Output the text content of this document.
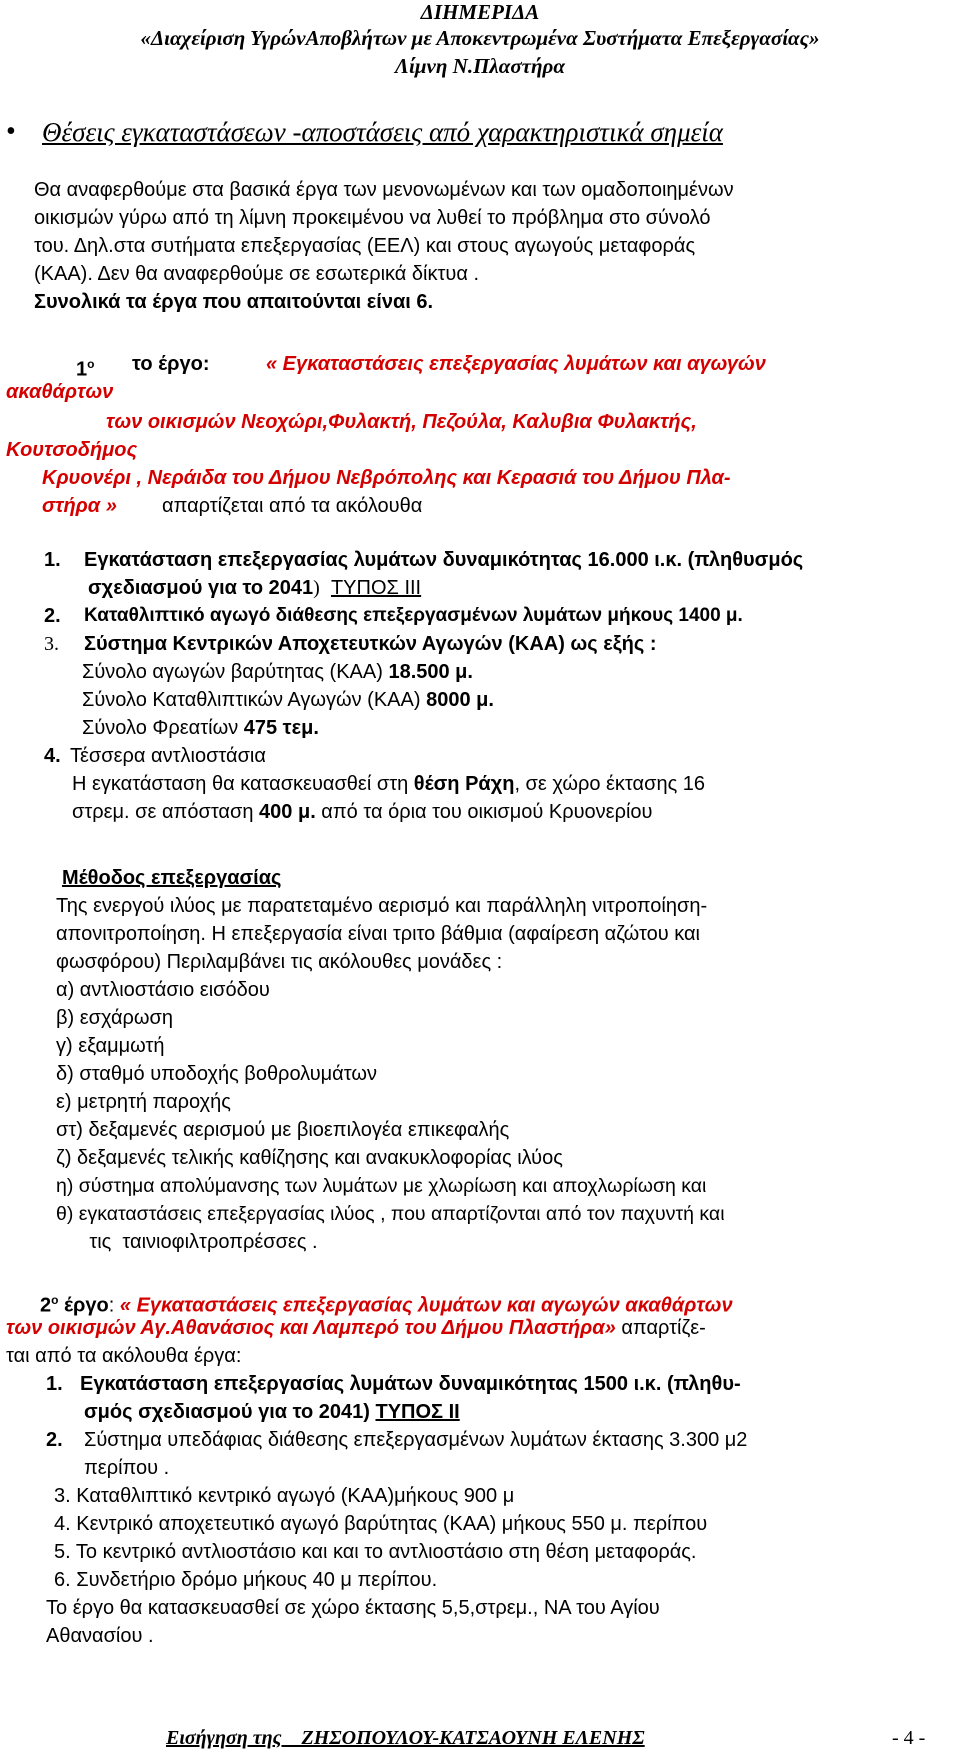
ΔΙΗΜΕΡΙΔΑ
«Διαχείριση ΥγρώνΑποβλήτων με Αποκεντρωμένα Συστήματα Επεξεργασίας»
Λίμνη Ν.Πλαστήρα
• Θέσεις εγκαταστάσεων -αποστάσεις από χαρακτηριστικά σημεία
Θα αναφερθούμε στα βασικά έργα των μενονωμένων και των ομαδοποιημένων
οικισμών γύρω από τη λίμνη προκειμένου να λυθεί το πρόβλημα στο σύνολό
του. Δηλ.στα συτήματα επεξεργασίας (ΕΕΛ) και στους αγωγούς μεταφοράς
(ΚΑΑ). Δεν θα αναφερθούμε σε εσωτερικά δίκτυα .
Συνολικά τα έργα που απαιτούνται είναι 6.
$1^o$ το έργο:	« Εγκαταστάσεις επεξεργασίας λυμάτων και αγωγών
ακαθάρτων
των οικισμών Νεοχώρι,Φυλακτή, Πεζούλα, Καλυβια Φυλακτής,
Κουτσοδήμος
Κρυονέρι , Νεράιδα του Δήμου Νεβρόπολης και Κερασιά του Δήμου Πλα-
στήρα » απαρτίζεται από τα ακόλουθα
1. Εγκατάσταση επεξεργασίας λυμάτων δυναμικότητας 16.000 ι.κ. (πληθυσμός
σχεδιασμού για το 2041) ΤΥΠΟΣ ΙΙΙ
2. Καταθλιπτικό αγωγό διάθεσης επεξεργασμένων λυμάτων μήκους 1400 μ.
3. Σύστημα Κεντρικών Αποχετευτκών Αγωγών (ΚΑΑ) ως εξής :
Σύνολο αγωγών βαρύτητας (ΚΑΑ) 18.500 μ.
Σύνολο Καταθλιπτικών Αγωγών (ΚΑΑ) 8000 μ.
Σύνολο Φρεατίων 475 τεμ.
4. Τέσσερα αντλιοστάσια
Η εγκατάσταση θα κατασκευασθεί στη θέση Ράχη, σε χώρο έκτασης 16
στρεμ. σε απόσταση 400 μ. από τα όρια του οικισμού Κρυονερίου
Μέθοδος επεξεργασίας
Της ενεργού ιλύος με παρατεταμένο αερισμό και παράλληλη νιτροποίηση-
απονιτροποίηση. Η επεξεργασία είναι τριτο βάθμια (αφαίρεση αζώτου και
φωσφόρου) Περιλαμβάνει τις ακόλουθες μονάδες :
α) αντλιοστάσιο εισόδου
β) εσχάρωση
γ) εξαμμωτή
δ) σταθμό υποδοχής βοθρολυμάτων
ε) μετρητή παροχής
στ) δεξαμενές αερισμού με βιοεπιλογέα επικεφαλής
ζ) δεξαμενές τελικής καθίζησης και ανακυκλοφορίας ιλύος
η) σύστημα απολύμανσης των λυμάτων με χλωρίωση και αποχλωρίωση και
θ) εγκαταστάσεις επεξεργασίας ιλύος , που απαρτίζονται από τον παχυντή και
τις  ταινιοφιλτροπρέσσες .
$2^o$ έργο: « Εγκαταστάσεις επεξεργασίας λυμάτων και αγωγών ακαθάρτων
των οικισμών Αγ.Αθανάσιος και Λαμπερό του Δήμου Πλαστήρα» απαρτίζε-
ται από τα ακόλουθα έργα:
1. Εγκατάσταση επεξεργασίας λυμάτων δυναμικότητας 1500 ι.κ. (πληθυ-
σμός σχεδιασμού για το 2041) ΤΥΠΟΣ ΙΙ
2. Σύστημα υπεδάφιας διάθεσης επεξεργασμένων λυμάτων έκτασης 3.300 μ2
περίπου .
3. Καταθλιπτικό κεντρικό αγωγό (ΚΑΑ)μήκους 900 μ
4. Κεντρικό αποχετευτικό αγωγό βαρύτητας (ΚΑΑ) μήκους 550 μ. περίπου
5. Το κεντρικό αντλιοστάσιο και και το αντλιοστάσιο στη θέση μεταφοράς.
6. Συνδετήριο δρόμο μήκους 40 μ περίπου.
Το έργο θα κατασκευασθεί σε χώρο έκτασης 5,5,στρεμ., ΝΑ του Αγίου
Αθανασίου .
Εισήγηση της ΖΗΣΟΠΟΥΛΟΥ-ΚΑΤΣΑΟΥΝΗ ΕΛΕΝΗΣ	- 4 -
